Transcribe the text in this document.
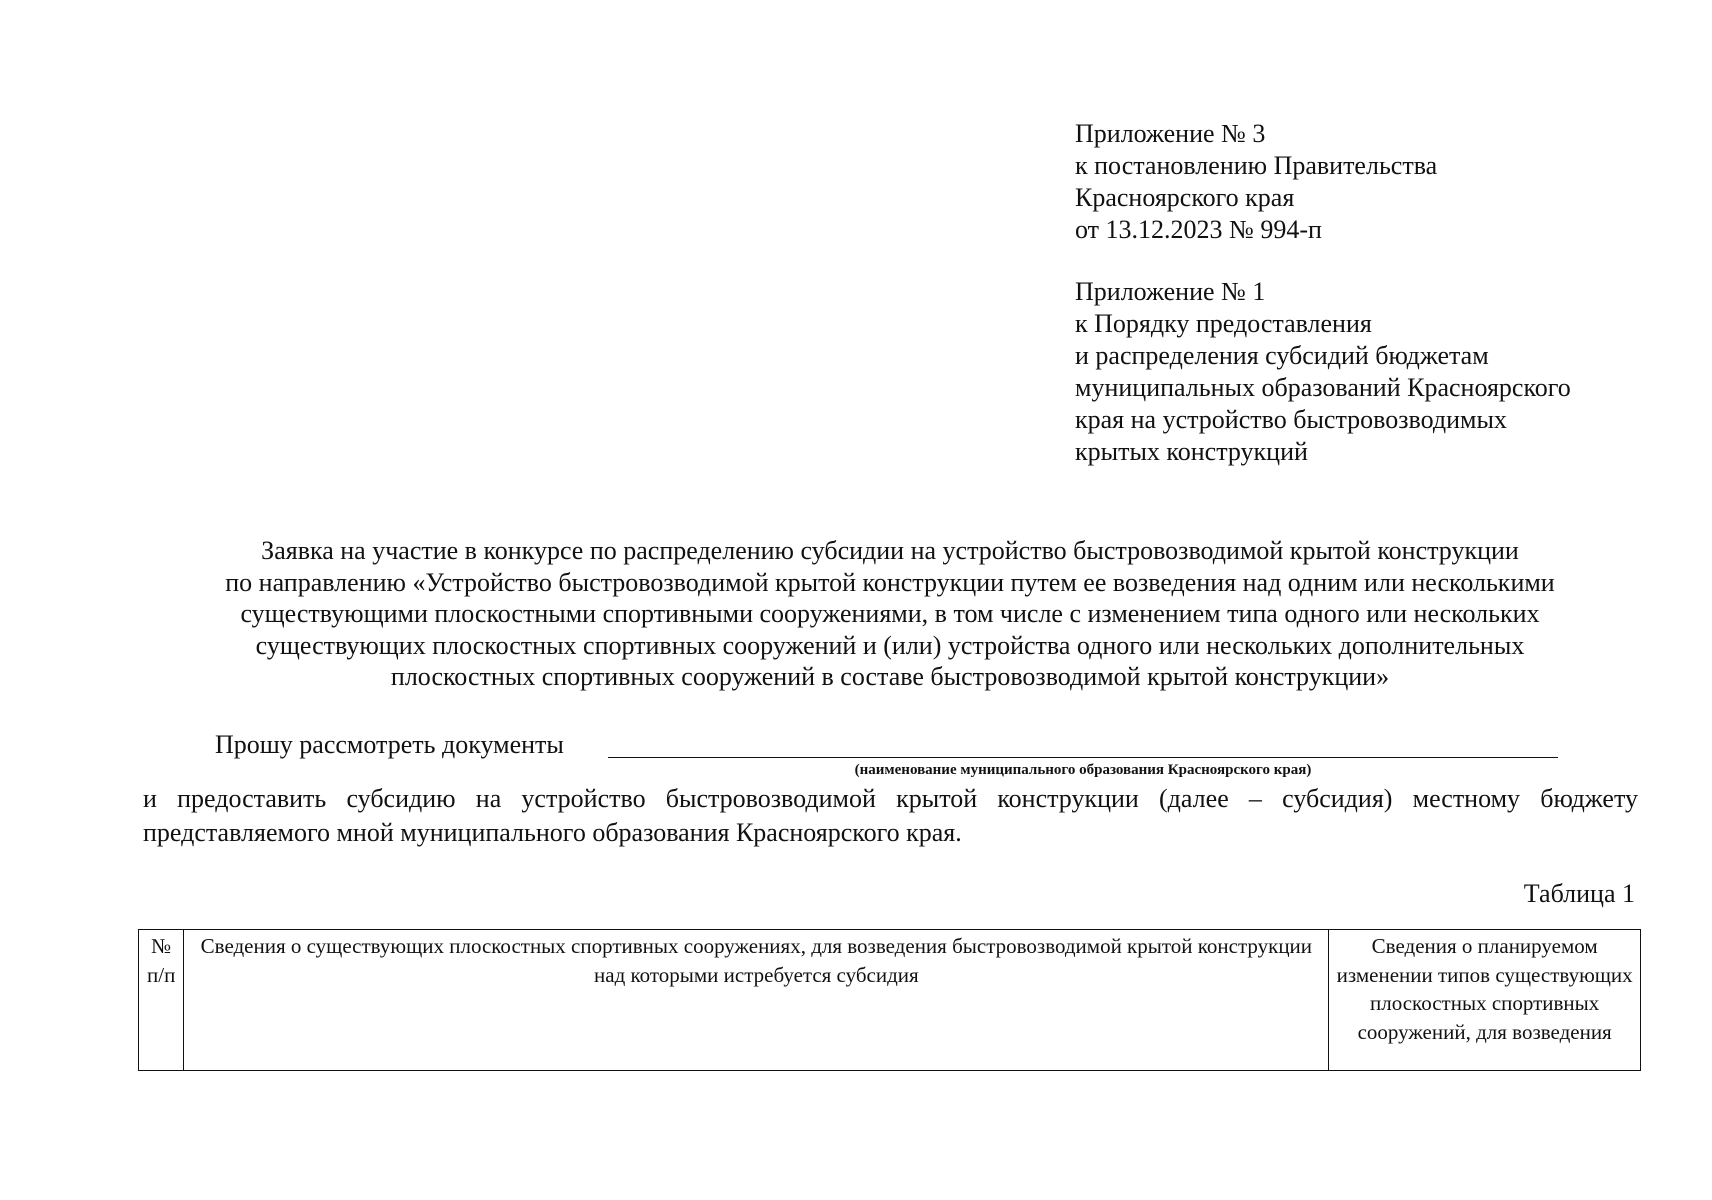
Приложение № 3
к постановлению Правительства
Красноярского края
от 13.12.2023 № 994-п
Приложение № 1
к Порядку предоставления
и распределения субсидий бюджетам
муниципальных образований Красноярского
края на устройство быстровозводимых
крытых конструкций
Заявка на участие в конкурсе по распределению субсидии на устройство быстровозводимой крытой конструкции
по направлению «Устройство быстровозводимой крытой конструкции путем ее возведения над одним или несколькими
существующими плоскостными спортивными сооружениями, в том числе с изменением типа одного или нескольких
существующих плоскостных спортивных сооружений и (или) устройства одного или нескольких дополнительных
плоскостных спортивных сооружений в составе быстровозводимой крытой конструкции»
Прошу рассмотреть документы
(наименование муниципального образования Красноярского края)
и предоставить субсидию на устройство быстровозводимой крытой конструкции (далее – субсидия) местному бюджету
представляемого мной муниципального образования Красноярского края.
Таблица 1
№ п/п	Сведения о существующих плоскостных спортивных сооружениях, для возведения быстровозводимой крытой конструкции над которыми истребуется субсидия	Сведения о планируемом изменении типов существующих плоскостных спортивных сооружений, для возведения
